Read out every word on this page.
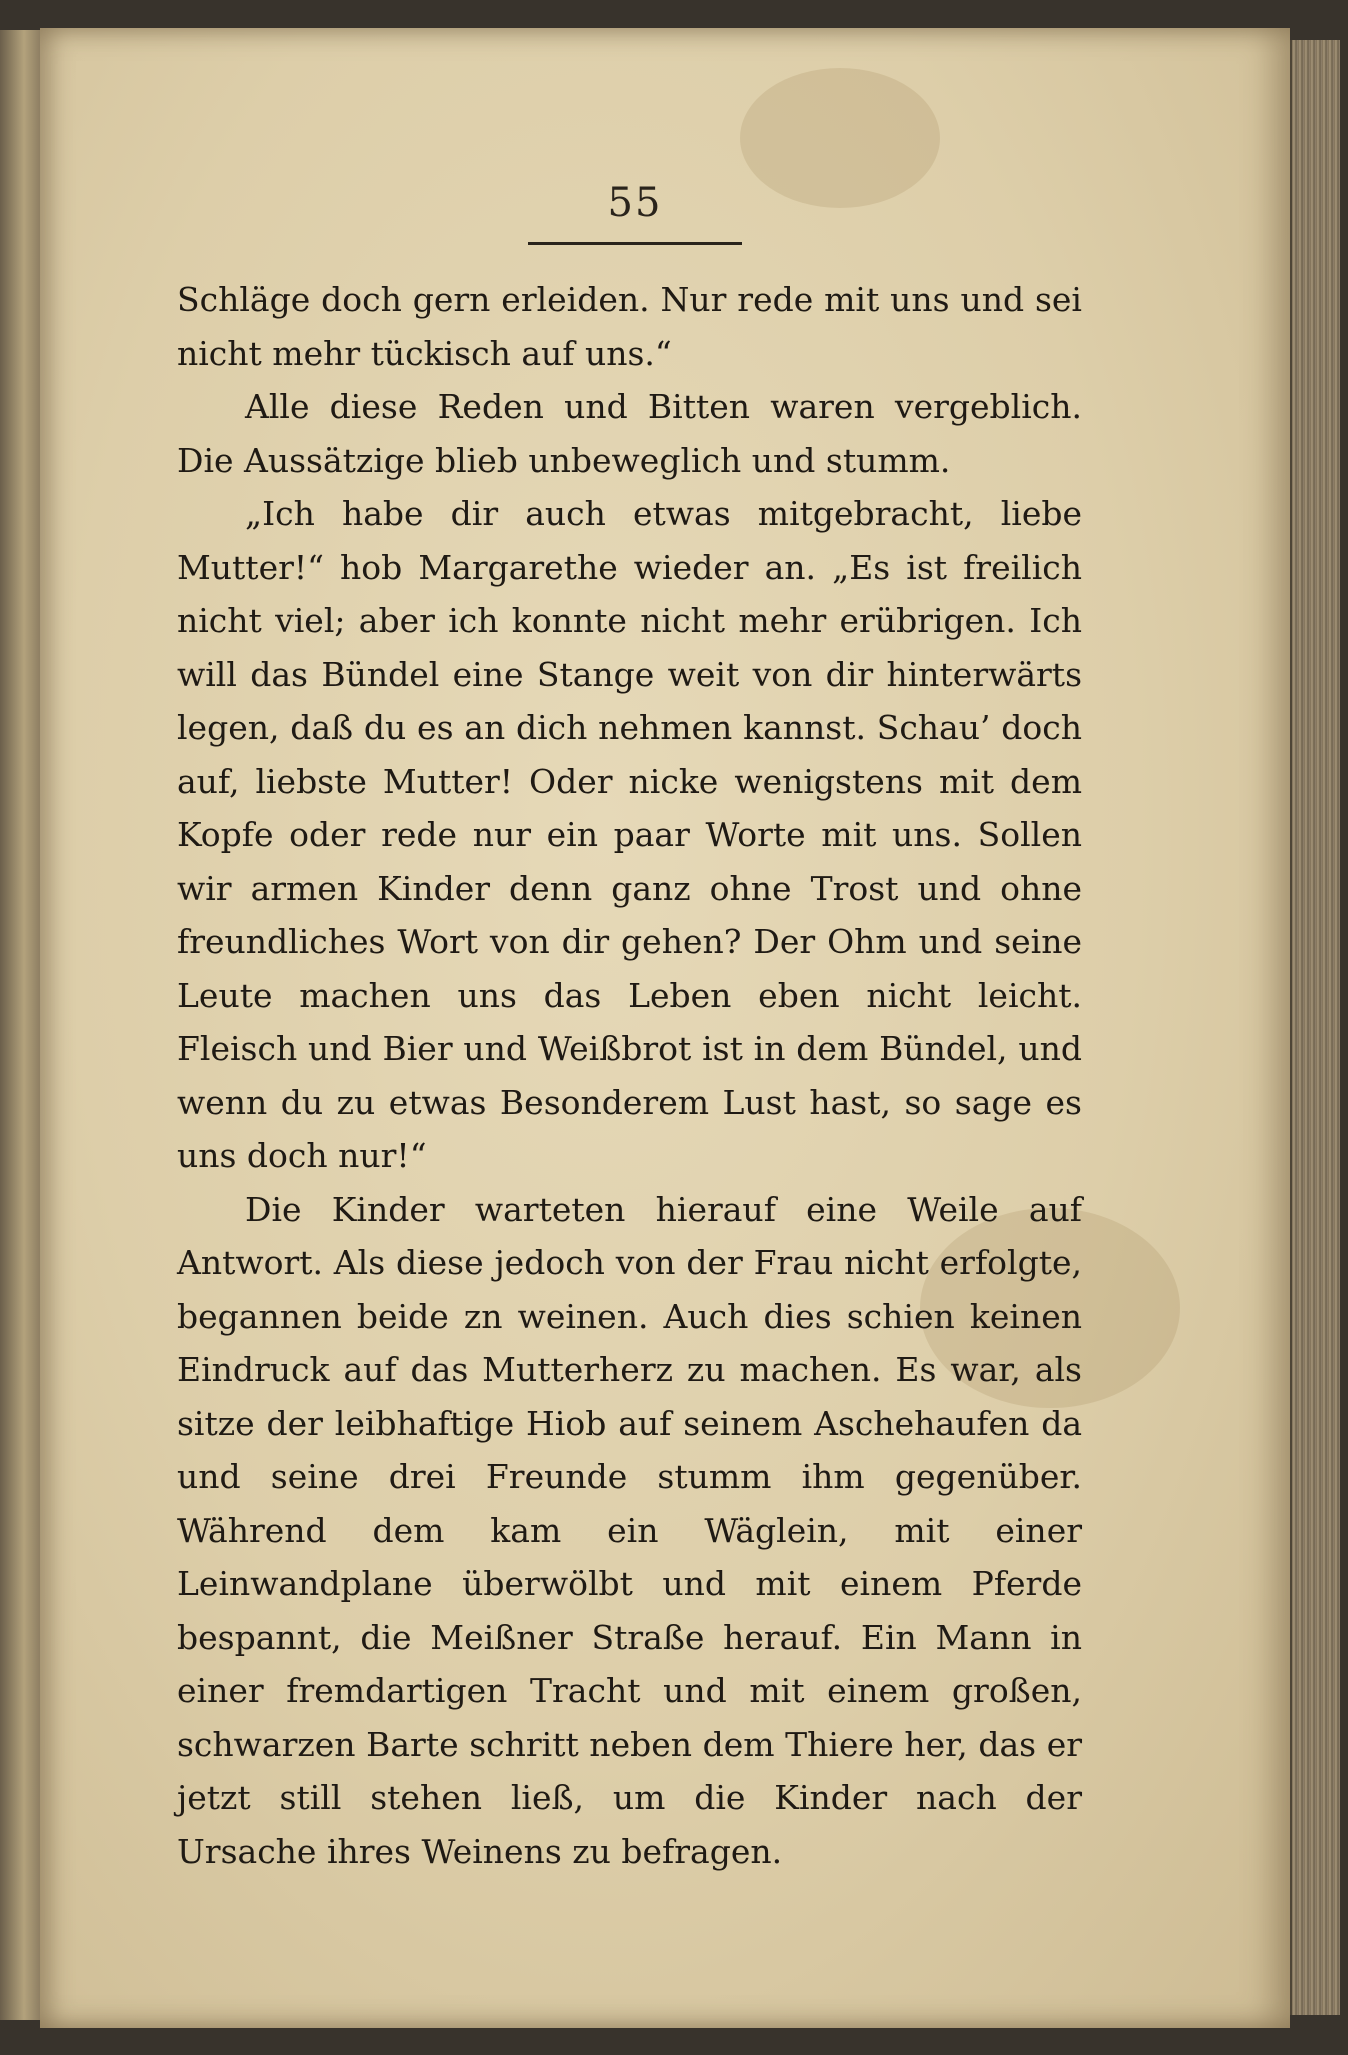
55

Schläge doch gern erleiden. Nur rede mit uns und sei nicht mehr tückisch auf uns.“

Alle diese Reden und Bitten waren vergeblich. Die Aussätzige blieb unbeweglich und stumm.

„Ich habe dir auch etwas mitgebracht, liebe Mutter!“ hob Margarethe wieder an. „Es ist freilich nicht viel; aber ich konnte nicht mehr erübrigen. Ich will das Bündel eine Stange weit von dir hinterwärts legen, daß du es an dich nehmen kannst. Schau’ doch auf, liebste Mutter! Oder nicke wenigstens mit dem Kopfe oder rede nur ein paar Worte mit uns. Sollen wir armen Kinder denn ganz ohne Trost und ohne freundliches Wort von dir gehen? Der Ohm und seine Leute machen uns das Leben eben nicht leicht. Fleisch und Bier und Weißbrot ist in dem Bündel, und wenn du zu etwas Besonderem Lust hast, so sage es uns doch nur!“

Die Kinder warteten hierauf eine Weile auf Antwort. Als diese jedoch von der Frau nicht erfolgte, begannen beide zn weinen. Auch dies schien keinen Eindruck auf das Mutterherz zu machen. Es war, als sitze der leibhaftige Hiob auf seinem Aschehaufen da und seine drei Freunde stumm ihm gegenüber. Während dem kam ein Wäglein, mit einer Leinwandplane überwölbt und mit einem Pferde bespannt, die Meißner Straße herauf. Ein Mann in einer fremdartigen Tracht und mit einem großen, schwarzen Barte schritt neben dem Thiere her, das er jetzt still stehen ließ, um die Kinder nach der Ursache ihres Weinens zu befragen.
